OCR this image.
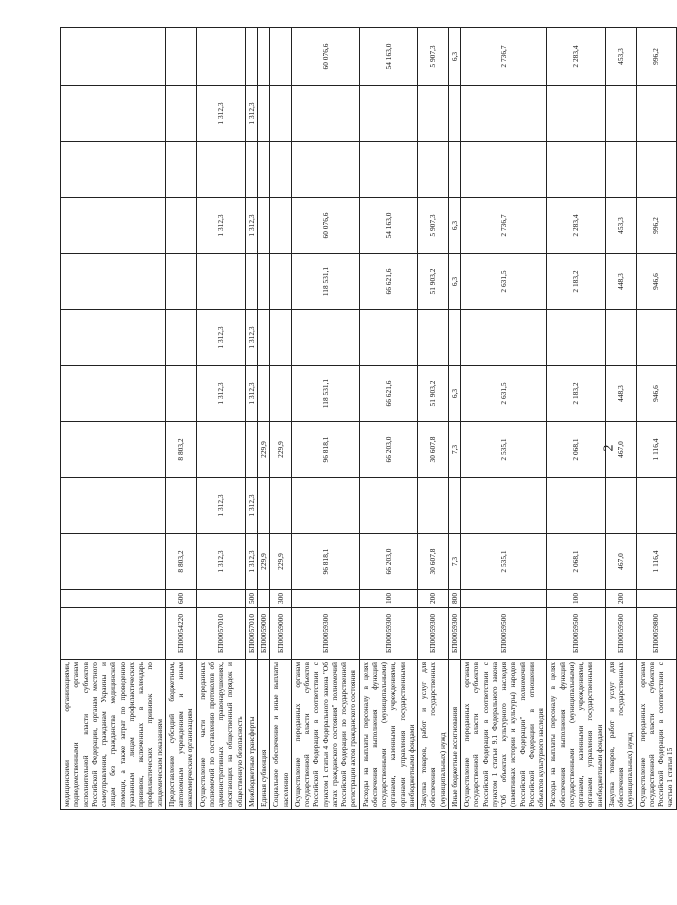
2
медицинскими организациями, подведомственными органам исполнительной власти субъектов Российской Федерации, органам местного самоуправления, гражданам Украины и лицам без гражданства медицинской помощи, а также затрат по проведению указанным лицам профилактических прививок, включенных в календарь профилактических прививок по эпидемическим показаниям												
Предоставление субсидий бюджетным, автономным учреждениям и иным некоммерческим организациям	БП00054220	600	8 803,2		8 803,2							
Осуществление части переданных полномочий по составлению протоколов об административных правонарушениях, посягающих на общественный порядок и общественную безопасность	БП00057010		1 312,3	1 312,3		1 312,3	1 312,3		1 312,3		1 312,3	
Межбюджетные трансферты	БП00057010	500	1 312,3	1 312,3		1 312,3	1 312,3		1 312,3		1 312,3	
Единая субвенция	БП00059000		229,9		229,9							
Социальное обеспечение и иные выплаты населению	БП00059000	300	229,9		229,9							
Осуществление переданных органам государственной власти субъектов Российской Федерации в соответствии с пунктом 1 статьи 4 Федерального закона "Об актах гражданского состояния" полномочий Российской Федерации по государственной регистрации актов гражданского состояния	БП00059300		96 818,1		96 818,1	118 531,1		118 531,1	60 076,6			60 076,6
Расходы на выплаты персоналу в целях обеспечения выполнения функций государственными (муниципальными) органами, казенными учреждениями, органами управления государственными внебюджетными фондами	БП00059300	100	66 203,0		66 203,0	66 621,6		66 621,6	54 163,0			54 163,0
Закупка товаров, работ и услуг для обеспечения государственных (муниципальных) нужд	БП00059300	200	30 607,8		30 607,8	51 903,2		51 903,2	5 907,3			5 907,3
Иные бюджетные ассигнования	БП00059300	800	7,3		7,3	6,3		6,3	6,3			6,3
Осуществление переданных органам государственной власти субъектов Российской Федерации в соответствии с пунктом 1 статьи 9.1 Федерального закона "Об объектах культурного наследия (памятниках истории и культуры) народов Российской Федерации" полномочий Российской Федерации в отношении объектов культурного наследия	БП00059500		2 535,1		2 535,1	2 631,5		2 631,5	2 736,7			2 736,7
Расходы на выплаты персоналу в целях обеспечения выполнения функций государственными (муниципальными) органами, казенными учреждениями, органами управления государственными внебюджетными фондами	БП00059500	100	2 068,1		2 068,1	2 183,2		2 183,2	2 283,4			2 283,4
Закупка товаров, работ и услуг для обеспечения государственных (муниципальных) нужд	БП00059500	200	467,0		467,0	448,3		448,3	453,3			453,3
Осуществление переданных органам государственной власти субъектов Российской Федерации в соответствии с частью 1 статьи 15	БП00059800		1 116,4		1 116,4	946,6		946,6	996,2			996,2
